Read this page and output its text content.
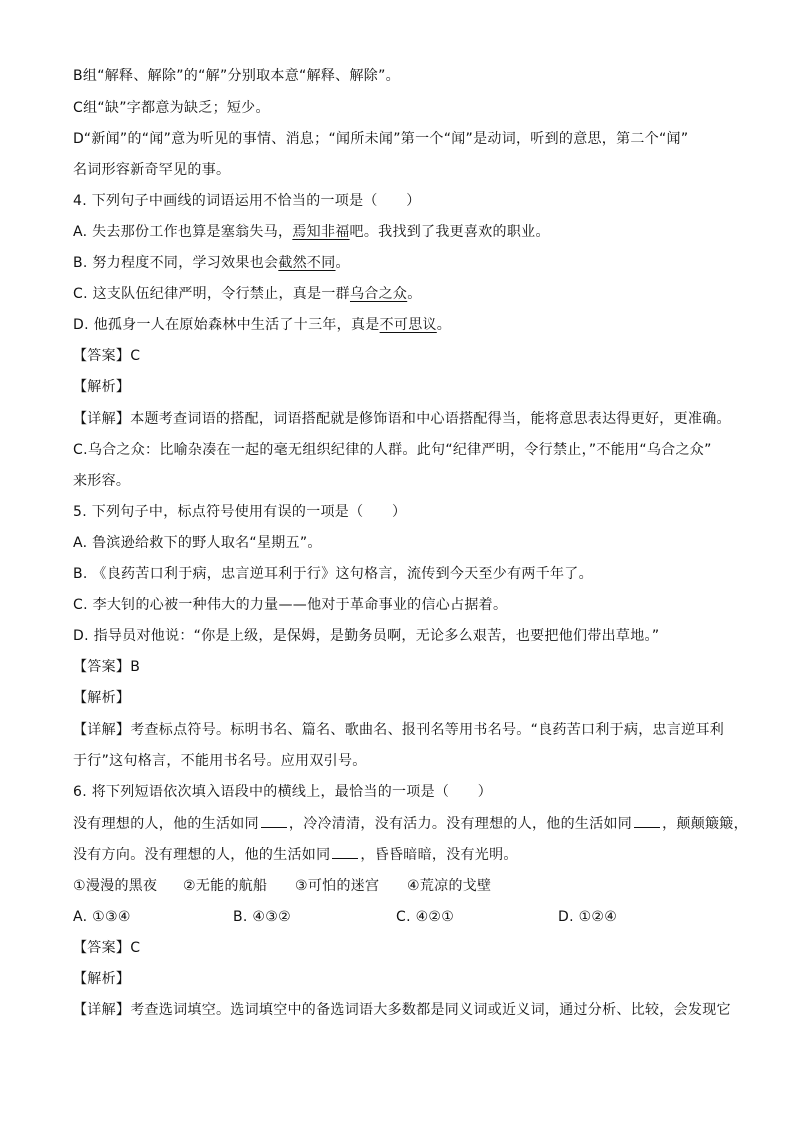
B组“解释、解除”的“解”分别取本意“解释、解除”。
C组“缺”字都意为缺乏；短少。
D“新闻”的“闻”意为听见的事情、消息；“闻所未闻”第一个“闻”是动词，听到的意思，第二个“闻”
名词形容新奇罕见的事。
4. 下列句子中画线的词语运用不恰当的一项是（　　）
A. 失去那份工作也算是塞翁失马，焉知非福吧。我找到了我更喜欢的职业。
B. 努力程度不同，学习效果也会截然不同。
C. 这支队伍纪律严明，令行禁止，真是一群乌合之众。
D. 他孤身一人在原始森林中生活了十三年，真是不可思议。
【答案】C
【解析】
【详解】本题考查词语的搭配，词语搭配就是修饰语和中心语搭配得当，能将意思表达得更好，更准确。
C.乌合之众：比喻杂凑在一起的毫无组织纪律的人群。此句“纪律严明，令行禁止，”不能用“乌合之众”
来形容。
5. 下列句子中，标点符号使用有误的一项是（　　）
A. 鲁滨逊给救下的野人取名“星期五”。
B. 《良药苦口利于病，忠言逆耳利于行》这句格言，流传到今天至少有两千年了。
C. 李大钊的心被一种伟大的力量——他对于革命事业的信心占据着。
D. 指导员对他说：“你是上级，是保姆，是勤务员啊，无论多么艰苦，也要把他们带出草地。”
【答案】B
【解析】
【详解】考查标点符号。标明书名、篇名、歌曲名、报刊名等用书名号。“良药苦口利于病，忠言逆耳利
于行”这句格言，不能用书名号。应用双引号。
6. 将下列短语依次填入语段中的横线上，最恰当的一项是（　　）
没有理想的人，他的生活如同 ，冷冷清清，没有活力。没有理想的人，他的生活如同 ，颠颠簸簸，
没有方向。没有理想的人，他的生活如同 ，昏昏暗暗，没有光明。
①漫漫的黑夜 ②无能的航船 ③可怕的迷宫 ④荒凉的戈壁
A. ①③④	B. ④③②	C. ④②①	D. ①②④
【答案】C
【解析】
【详解】考查选词填空。选词填空中的备选词语大多数都是同义词或近义词，通过分析、比较，会发现它
